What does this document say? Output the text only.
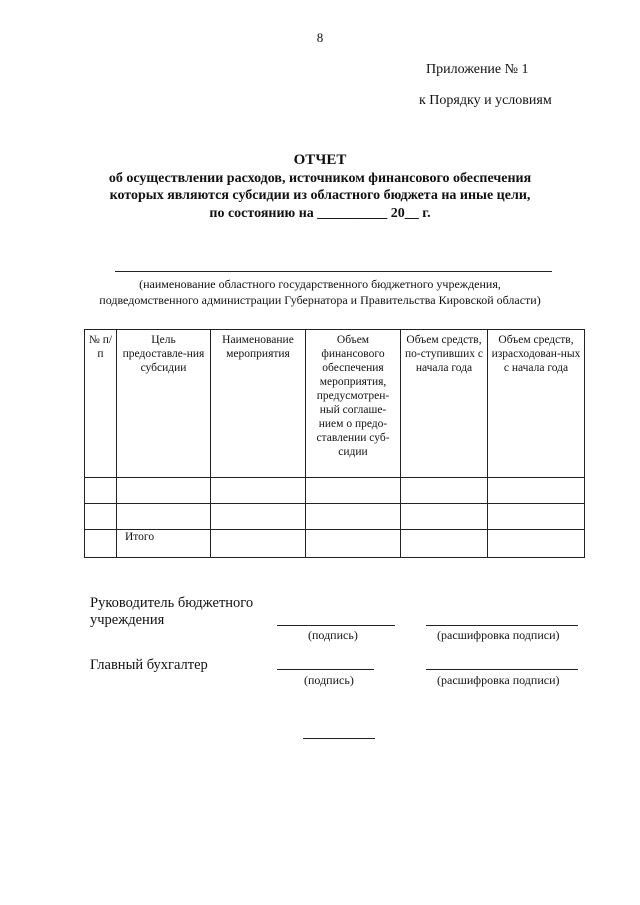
8
Приложение № 1
к Порядку и условиям
ОТЧЕТ
об осуществлении расходов, источником финансового обеспечения
которых являются субсидии из областного бюджета на иные цели,
по состоянию на __________ 20__ г.
(наименование областного государственного бюджетного учреждения,
подведомственного администрации Губернатора и Правительства Кировской области)
№ п/п	Цель предоставле-ния субсидии	Наименование мероприятия	Объем финансового обеспечения мероприятия, предусмотрен-ный соглаше-нием о предо-ставлении суб-сидии	Объем средств, по-ступивших с начала года	Объем средств, израсходован-ных с начала года

	Итого				
Руководитель бюджетного
учреждения
(подпись)	(расшифровка подписи)
Главный бухгалтер
(подпись)	(расшифровка подписи)
